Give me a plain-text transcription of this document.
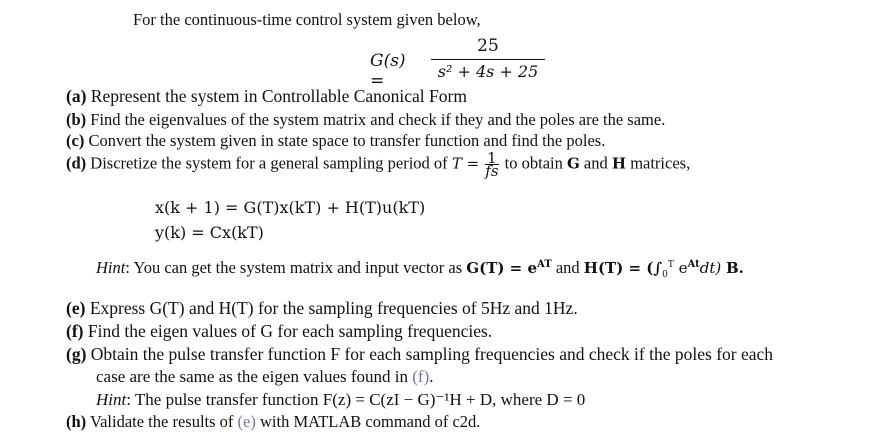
For the continuous-time control system given below,
G(s) =
25
s² + 4s + 25
(a) Represent the system in Controllable Canonical Form
(b) Find the eigenvalues of the system matrix and check if they and the poles are the same.
(c) Convert the system given in state space to transfer function and find the poles.
(d) Discretize the system for a general sampling period of $T = \frac{1}{fs}$ to obtain G and H matrices,
x(k + 1) = G(T)x(kT) + H(T)u(kT)
y(k) = Cx(kT)
Hint: You can get the system matrix and input vector as $G(T) = e^{AT}$ and $H(T) = (\int_0^T$ $e^{At}dt$) B.
(e) Express G(T) and H(T) for the sampling frequencies of 5Hz and 1Hz.
(f) Find the eigen values of G for each sampling frequencies.
(g) Obtain the pulse transfer function F for each sampling frequencies and check if the poles for each
case are the same as the eigen values found in (f).
Hint: The pulse transfer function F(z) = C(zI − G)⁻¹H + D, where D = 0
(h) Validate the results of (e) with MATLAB command of c2d.
